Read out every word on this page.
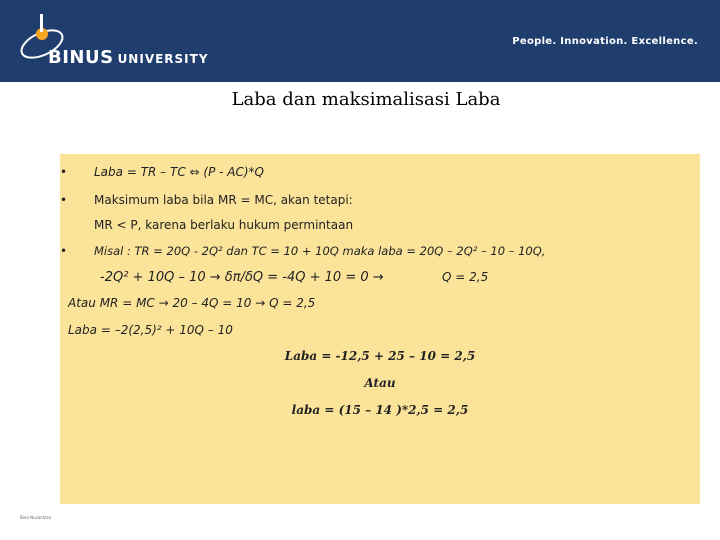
BINUS UNIVERSITY
People. Innovation. Excellence.
Laba dan maksimalisasi Laba
• Laba = TR – TC ⇔ (P - AC)*Q
• Maksimum laba bila MR = MC, akan tetapi:
MR < P, karena berlaku hukum permintaan
• Misal : TR = 20Q - 2Q² dan TC = 10 + 10Q maka laba = 20Q – 2Q² – 10 – 10Q,
-2Q² + 10Q – 10 → δπ/δQ = -4Q + 10 = 0 →	Q = 2,5
Atau MR = MC → 20 – 4Q = 10 → Q = 2,5
Laba = –2(2,5)² + 10Q – 10
Laba = -12,5 + 25 – 10 = 2,5
Atau
laba = (15 – 14 )*2,5 = 2,5
Bina Nusantara
